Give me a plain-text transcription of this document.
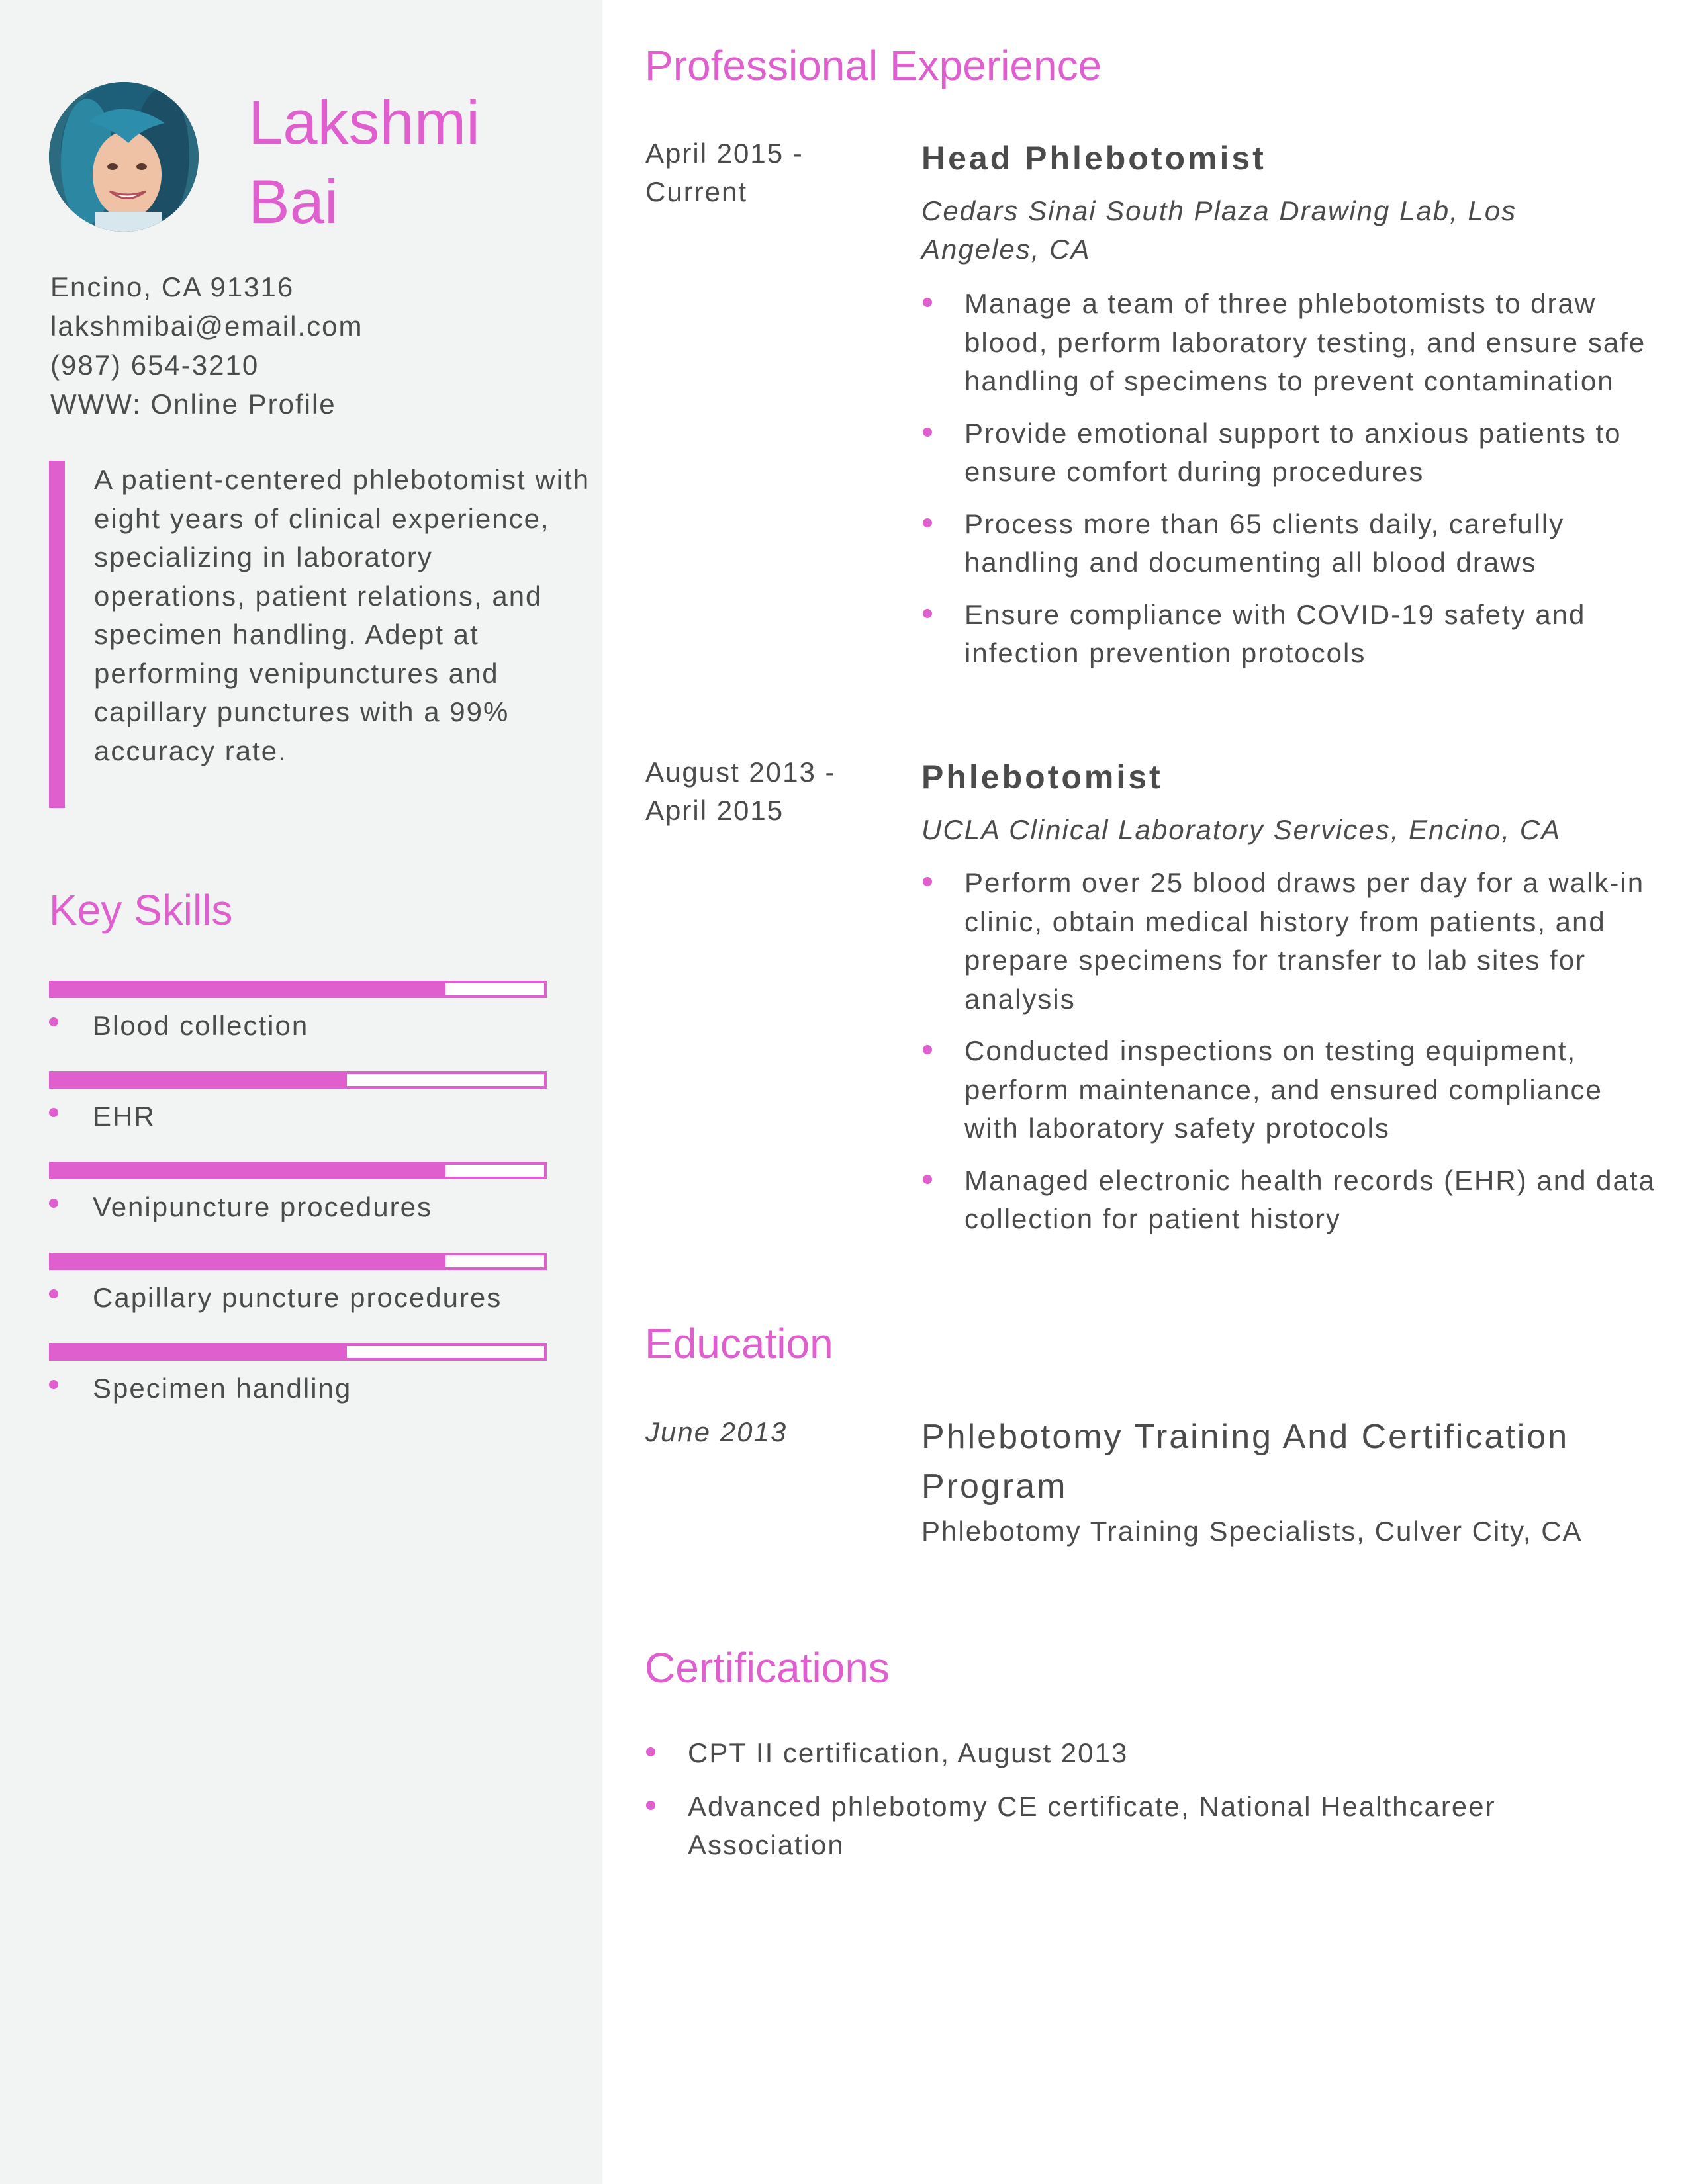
Lakshmi
Bai
Encino, CA 91316
lakshmibai@email.com
(987) 654-3210
WWW: Online Profile
A patient-centered phlebotomist with eight years of clinical experience, specializing in laboratory operations, patient relations, and specimen handling. Adept at performing venipunctures and capillary punctures with a 99% accuracy rate.
Key Skills
Blood collection
EHR
Venipuncture procedures
Capillary puncture procedures
Specimen handling
Professional Experience
April 2015 -
Current
Head Phlebotomist
Cedars Sinai South Plaza Drawing Lab, Los Angeles, CA
Manage a team of three phlebotomists to draw blood, perform laboratory testing, and ensure safe handling of specimens to prevent contamination
Provide emotional support to anxious patients to ensure comfort during procedures
Process more than 65 clients daily, carefully handling and documenting all blood draws
Ensure compliance with COVID-19 safety and infection prevention protocols
August 2013 -
April 2015
Phlebotomist
UCLA Clinical Laboratory Services, Encino, CA
Perform over 25 blood draws per day for a walk-in clinic, obtain medical history from patients, and prepare specimens for transfer to lab sites for analysis
Conducted inspections on testing equipment, perform maintenance, and ensured compliance with laboratory safety protocols
Managed electronic health records (EHR) and data collection for patient history
Education
June 2013	Phlebotomy Training And Certification Program
Phlebotomy Training Specialists, Culver City, CA
Certifications
CPT II certification, August 2013
Advanced phlebotomy CE certificate, National Healthcareer Association
